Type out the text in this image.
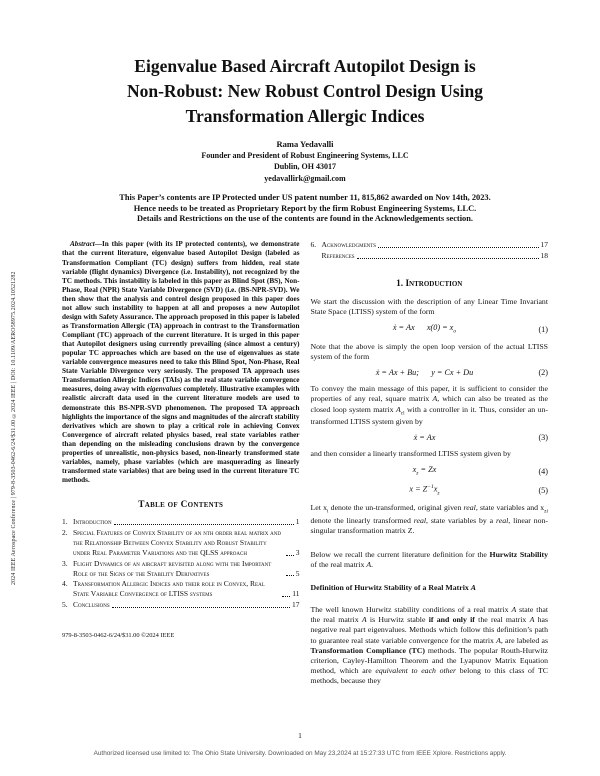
2024 IEEE Aerospace Conference | 979-8-3503-0462-6/24/$31.00 ©2024 IEEE | DOI: 10.1109/AERO58975.2024.10521282
Eigenvalue Based Aircraft Autopilot Design is
Non-Robust: New Robust Control Design Using
Transformation Allergic Indices
Rama Yedavalli
Founder and President of Robust Engineering Systems, LLC
Dublin, OH 43017
yedavallirk@gmail.com
This Paper’s contents are IP Protected under US patent number 11, 815,862 awarded on Nov 14th, 2023.
Hence needs to be treated as Proprietary Report by the firm Robust Engineering Systems, LLC.
Details and Restrictions on the use of the contents are found in the Acknowledgements section.

Abstract—In this paper (with its IP protected contents), we demonstrate that the current literature, eigenvalue based Autopilot Design (labeled as Transformation Compliant (TC) design) suffers from hidden, real state variable (flight dynamics) Divergence (i.e. Instability), not recognized by the TC methods. This instability is labeled in this paper as Blind Spot (BS), Non-Phase, Real (NPR) State Variable Divergence (SVD) (i.e. (BS-NPR-SVD). We then show that the analysis and control design proposed in this paper does not allow such instability to happen at all and proposes a new Autopilot design with Safety Assurance. The approach proposed in this paper is labeled as Transformation Allergic (TA) approach in contrast to the Transformation Compliant (TC) approach of the current literature. It is urged in this paper that Autopilot designers using currently prevailing (since almost a century) popular TC approaches which are based on the use of eigenvalues as state variable convergence measures need to take this Blind Spot, Non-Phase, Real State Variable Divergence very seriously. The proposed TA approach uses Transformation Allergic Indices (TAIs) as the real state variable convergence measures, doing away with eigenvalues completely. Illustrative examples with realistic aircraft data used in the current literature models are used to demonstrate this BS-NPR-SVD phenomenon. The proposed TA approach highlights the importance of the signs and magnitudes of the aircraft stability derivatives which are shown to play a critical role in achieving Convex Convergence of aircraft related physics based, real state variables rather than depending on the misleading conclusions drawn by the convergence properties of unrealistic, non-physics based, non-linearly transformed state variables, namely, phase variables (which are masquerading as linearly transformed state variables) that are being used in the current literature TC methods.

Table of Contents
1. Introduction	1
2. Special Features of Convex Stability of an nth order real matrix and the Relationship Between Convex Stability and Robust Stability under Real Parameter Variations and the QLSS approach	3
3. Flight Dynamics of an aircraft revisited along with the Important Role of the Signs of the Stability Derivatives	5
4. Transformation Allergic Indices and their role in Convex, Real State Variable Convergence of LTISS systems	11
5. Conclusions	17
979-8-3503-0462-6/24/$31.00 ©2024 IEEE
6. Acknowledgments	17
References	18
1. Introduction

We start the discussion with the description of any Linear Time Invariant State Space (LTISS) system of the form

ẋ = Ax  $x(0) = x_o$	(1)

Note that the above is simply the open loop version of the actual LTISS system of the form

ẋ = Ax + Bu;  y = Cx + Du	(2)

To convey the main message of this paper, it is sufficient to consider the properties of any real, square matrix A, which can also be treated as the closed loop system matrix $A_{cl}$ with a controller in it. Thus, consider an un-transformed LTISS system given by

ẋ = Ax	(3)

and then consider a linearly transformed LTISS system given by

$x_z = Zx$	(4)
$x = Z^{-1}x_z$	(5)

Let $x_i$ denote the un-transformed, original given real, state variables and $x_{zi}$ denote the linearly transformed real, state variables by a real, linear non-singular transformation matrix Z.

Below we recall the current literature definition for the Hurwitz Stability of the real matrix A.

Definition of Hurwitz Stability of a Real Matrix A

The well known Hurwitz stability conditions of a real matrix A state that the real matrix A is Hurwitz stable if and only if the real matrix A has negative real part eigenvalues. Methods which follow this definition’s path to guarantee real state variable convergence for the matrix A, are labeled as Transformation Compliance (TC) methods. The popular Routh-Hurwitz criterion, Cayley-Hamilton Theorem and the Lyapunov Matrix Equation method, which are equivalent to each other belong to this class of TC methods, because they

1
Authorized licensed use limited to: The Ohio State University. Downloaded on May 23,2024 at 15:27:33 UTC from IEEE Xplore. Restrictions apply.
